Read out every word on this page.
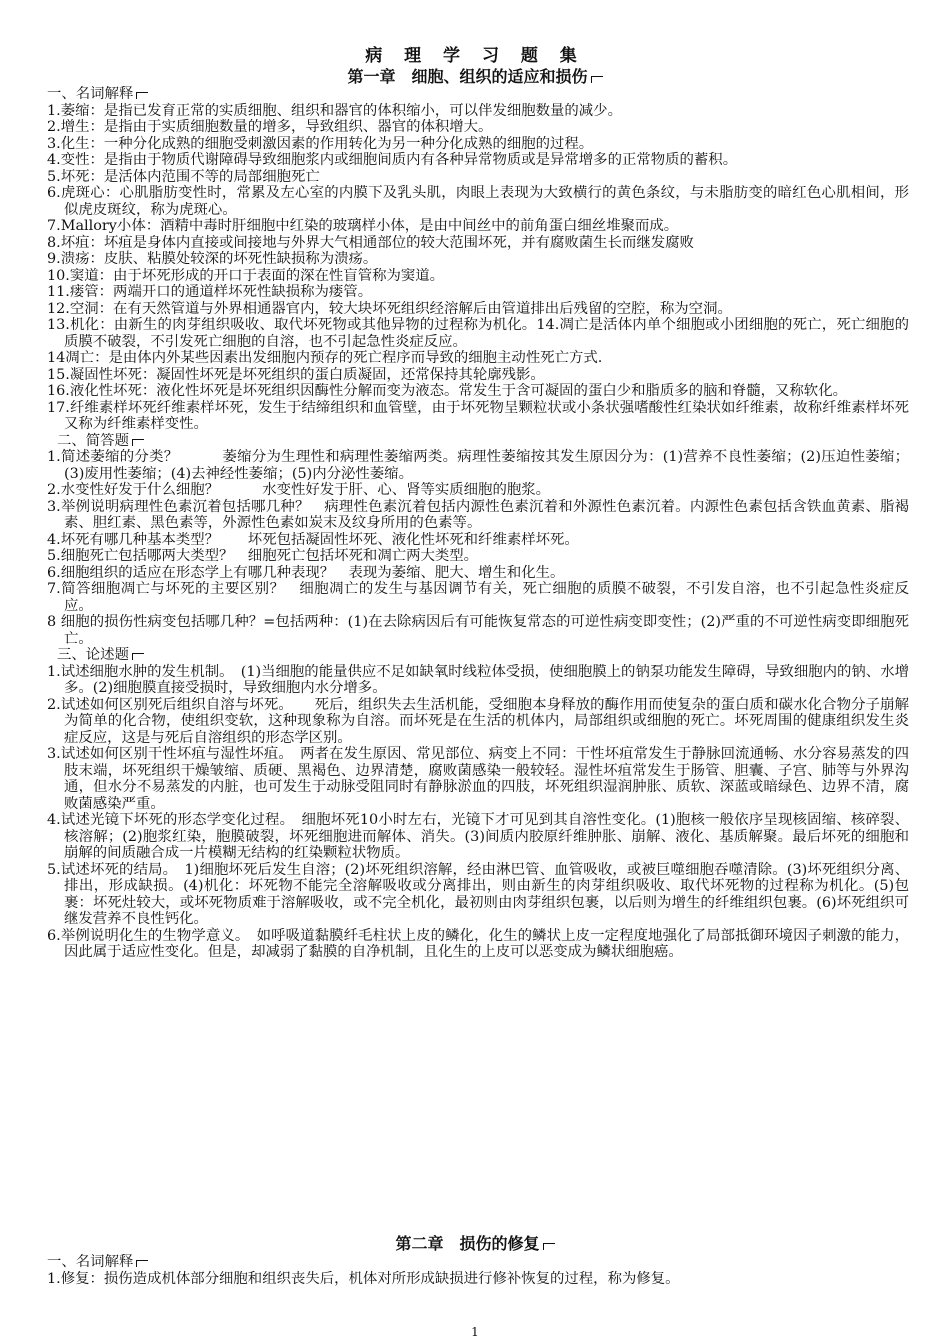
病 理 学 习 题 集
第一章　细胞、组织的适应和损伤

一、名词解释

1.萎缩：是指已发育正常的实质细胞、组织和器官的体积缩小，可以伴发细胞数量的减少。

2.增生：是指由于实质细胞数量的增多，导致组织、器官的体积增大。

3.化生：一种分化成熟的细胞受刺激因素的作用转化为另一种分化成熟的细胞的过程。

4.变性：是指由于物质代谢障碍导致细胞浆内或细胞间质内有各种异常物质或是异常增多的正常物质的蓄积。

5.坏死：是活体内范围不等的局部细胞死亡

6.虎斑心：心肌脂肪变性时，常累及左心室的内膜下及乳头肌，肉眼上表现为大致横行的黄色条纹，与未脂肪变的暗红色心肌相间，形似虎皮斑纹，称为虎斑心。

7.Mallory小体：酒精中毒时肝细胞中红染的玻璃样小体，是由中间丝中的前角蛋白细丝堆聚而成。

8.坏疽：坏疽是身体内直接或间接地与外界大气相通部位的较大范围坏死，并有腐败菌生长而继发腐败

9.溃疡：皮肤、粘膜处较深的坏死性缺损称为溃疡。

10.窦道：由于坏死形成的开口于表面的深在性盲管称为窦道。

11.瘘管：两端开口的通道样坏死性缺损称为瘘管。

12.空洞：在有天然管道与外界相通器官内，较大块坏死组织经溶解后由管道排出后残留的空腔，称为空洞。

13.机化：由新生的肉芽组织吸收、取代坏死物或其他异物的过程称为机化。14.凋亡是活体内单个细胞或小团细胞的死亡，死亡细胞的质膜不破裂，不引发死亡细胞的自溶，也不引起急性炎症反应。

14凋亡：是由体内外某些因素出发细胞内预存的死亡程序而导致的细胞主动性死亡方式.

15.凝固性坏死：凝固性坏死是坏死组织的蛋白质凝固，还常保持其轮廓残影。

16.液化性坏死：液化性坏死是坏死组织因酶性分解而变为液态。常发生于含可凝固的蛋白少和脂质多的脑和脊髓，又称软化。

17.纤维素样坏死纤维素样坏死，发生于结缔组织和血管壁，由于坏死物呈颗粒状或小条状强嗜酸性红染状如纤维素，故称纤维素样坏死又称为纤维素样变性。

二、简答题

1.简述萎缩的分类？　　　萎缩分为生理性和病理性萎缩两类。病理性萎缩按其发生原因分为：(1)营养不良性萎缩；(2)压迫性萎缩；(3)废用性萎缩；(4)去神经性萎缩；(5)内分泌性萎缩。

2.水变性好发于什么细胞？　　　水变性好发于肝、心、肾等实质细胞的胞浆。

3.举例说明病理性色素沉着包括哪几种？　病理性色素沉着包括内源性色素沉着和外源性色素沉着。内源性色素包括含铁血黄素、脂褐素、胆红素、黑色素等，外源性色素如炭末及纹身所用的色素等。

4.坏死有哪几种基本类型？　　坏死包括凝固性坏死、液化性坏死和纤维素样坏死。

5.细胞死亡包括哪两大类型？　细胞死亡包括坏死和凋亡两大类型。

6.细胞组织的适应在形态学上有哪几种表现？　表现为萎缩、肥大、增生和化生。

7.简答细胞凋亡与坏死的主要区别？　细胞凋亡的发生与基因调节有关，死亡细胞的质膜不破裂，不引发自溶，也不引起急性炎症反应。

8 细胞的损伤性病变包括哪几种？=包括两种：(1)在去除病因后有可能恢复常态的可逆性病变即变性；(2)严重的不可逆性病变即细胞死亡。

三、论述题

1.试述细胞水肿的发生机制。　(1)当细胞的能量供应不足如缺氧时线粒体受损，使细胞膜上的钠泵功能发生障碍，导致细胞内的钠、水增多。(2)细胞膜直接受损时，导致细胞内水分增多。

2.试述如何区别死后组织自溶与坏死。　　死后，组织失去生活机能，受细胞本身释放的酶作用而使复杂的蛋白质和碳水化合物分子崩解为简单的化合物，使组织变软，这种现象称为自溶。而坏死是在生活的机体内，局部组织或细胞的死亡。坏死周围的健康组织发生炎症反应，这是与死后自溶组织的形态学区别。

3.试述如何区别干性坏疽与湿性坏疽。　两者在发生原因、常见部位、病变上不同：干性坏疽常发生于静脉回流通畅、水分容易蒸发的四肢末端，坏死组织干燥皱缩、质硬、黑褐色、边界清楚，腐败菌感染一般较轻。湿性坏疽常发生于肠管、胆囊、子宫、肺等与外界沟通，但水分不易蒸发的内脏，也可发生于动脉受阻同时有静脉淤血的四肢，坏死组织湿润肿胀、质软、深蓝或暗绿色、边界不清，腐败菌感染严重。

4.试述光镜下坏死的形态学变化过程。　细胞坏死10小时左右，光镜下才可见到其自溶性变化。(1)胞核一般依序呈现核固缩、核碎裂、核溶解；(2)胞浆红染，胞膜破裂，坏死细胞进而解体、消失。(3)间质内胶原纤维肿胀、崩解、液化、基质解聚。最后坏死的细胞和崩解的间质融合成一片模糊无结构的红染颗粒状物质。

5.试述坏死的结局。　1)细胞坏死后发生自溶；(2)坏死组织溶解，经由淋巴管、血管吸收，或被巨噬细胞吞噬清除。(3)坏死组织分离、排出，形成缺损。(4)机化：坏死物不能完全溶解吸收或分离排出，则由新生的肉芽组织吸收、取代坏死物的过程称为机化。(5)包裹：坏死灶较大，或坏死物质难于溶解吸收，或不完全机化，最初则由肉芽组织包裹，以后则为增生的纤维组织包裹。(6)坏死组织可继发营养不良性钙化。

6.举例说明化生的生物学意义。　如呼吸道黏膜纤毛柱状上皮的鳞化，化生的鳞状上皮一定程度地强化了局部抵御环境因子刺激的能力，因此属于适应性变化。但是，却减弱了黏膜的自净机制，且化生的上皮可以恶变成为鳞状细胞癌。

第二章　损伤的修复

一、名词解释

1.修复：损伤造成机体部分细胞和组织丧失后，机体对所形成缺损进行修补恢复的过程，称为修复。

1
